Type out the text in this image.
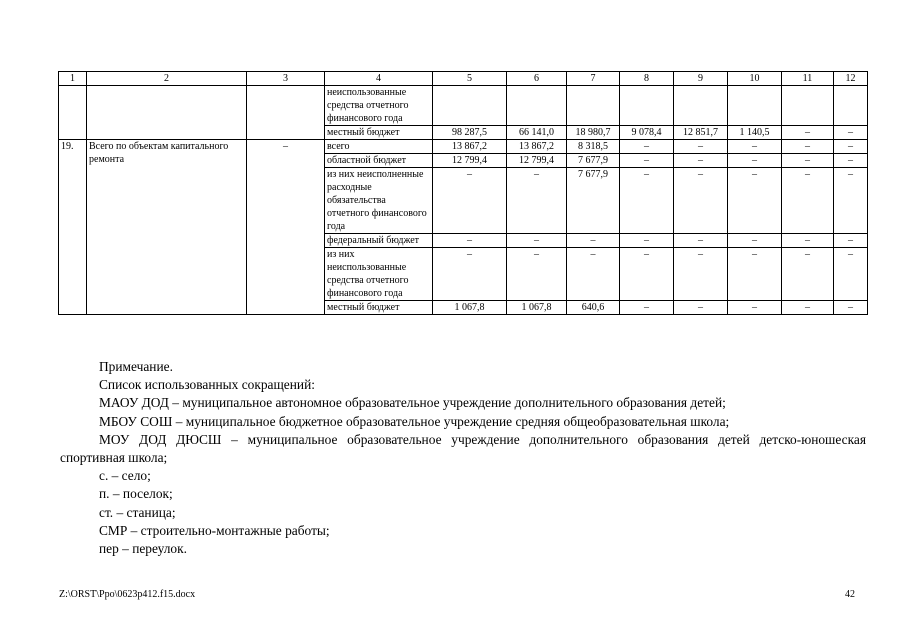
1	2	3	4	5	6	7	8	9	10	11	12
			неиспользованные средства отчетного финансового года								
			местный бюджет	98 287,5	66 141,0	18 980,7	9 078,4	12 851,7	1 140,5	–	–
19.	Всего по объектам капитального ремонта	–	всего	13 867,2	13 867,2	8 318,5	–	–	–	–	–
			областной бюджет	12 799,4	12 799,4	7 677,9	–	–	–	–	–
			из них неисполненные расходные обязательства отчетного финансового года	–	–	7 677,9	–	–	–	–	–
			федеральный бюджет	–	–	–	–	–	–	–	–
			из них неиспользованные средства отчетного финансового года	–	–	–	–	–	–	–	–
			местный бюджет	1 067,8	1 067,8	640,6	–	–	–	–	–

Примечание.

Список использованных сокращений:

МАОУ ДОД – муниципальное автономное образовательное учреждение дополнительного образования детей;

МБОУ СОШ – муниципальное бюджетное образовательное учреждение средняя общеобразовательная школа;

МОУ ДОД ДЮСШ – муниципальное образовательное учреждение дополнительного образования детей детско-юношеская спортивная школа;

с. – село;

п. – поселок;

ст. – станица;

СМР – строительно-монтажные работы;

пер – переулок.

Z:\ORST\Ppo\0623p412.f15.docx	42
